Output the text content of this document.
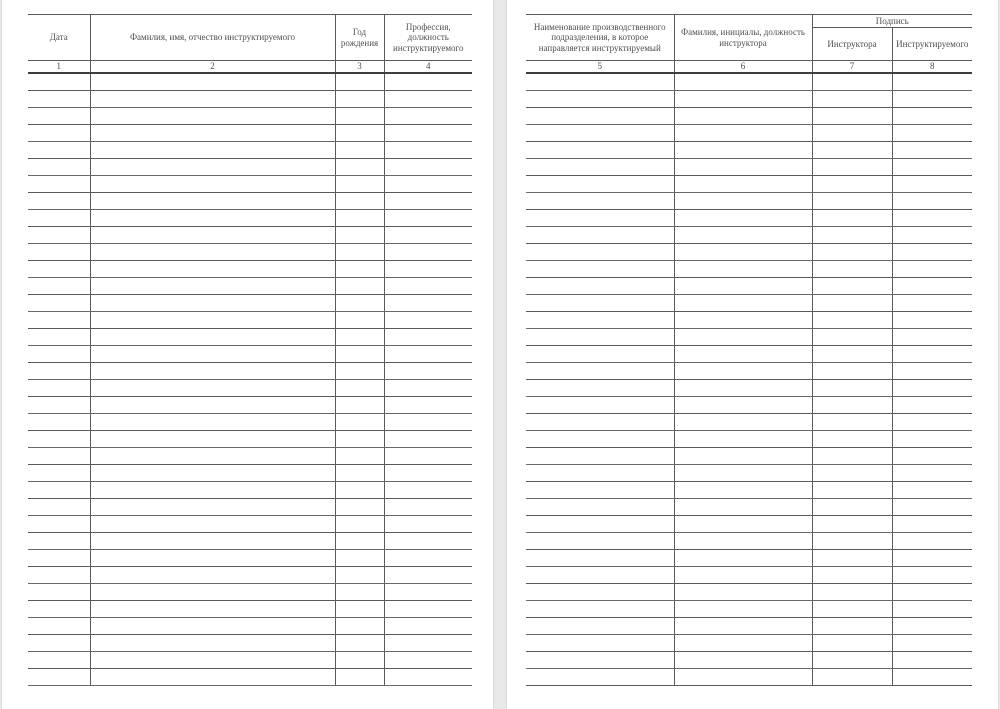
Дата	Фамилия, имя, отчество инструктируемого	Год рождения	Профессия, должность инструктируемого
1	2	3	4

Наименование производственного подразделения, в которое направляется инструктируемый	Фамилия, инициалы, должность инструктора	Подпись	
		Инструктора	Инструктируемого
5	6	7	8
